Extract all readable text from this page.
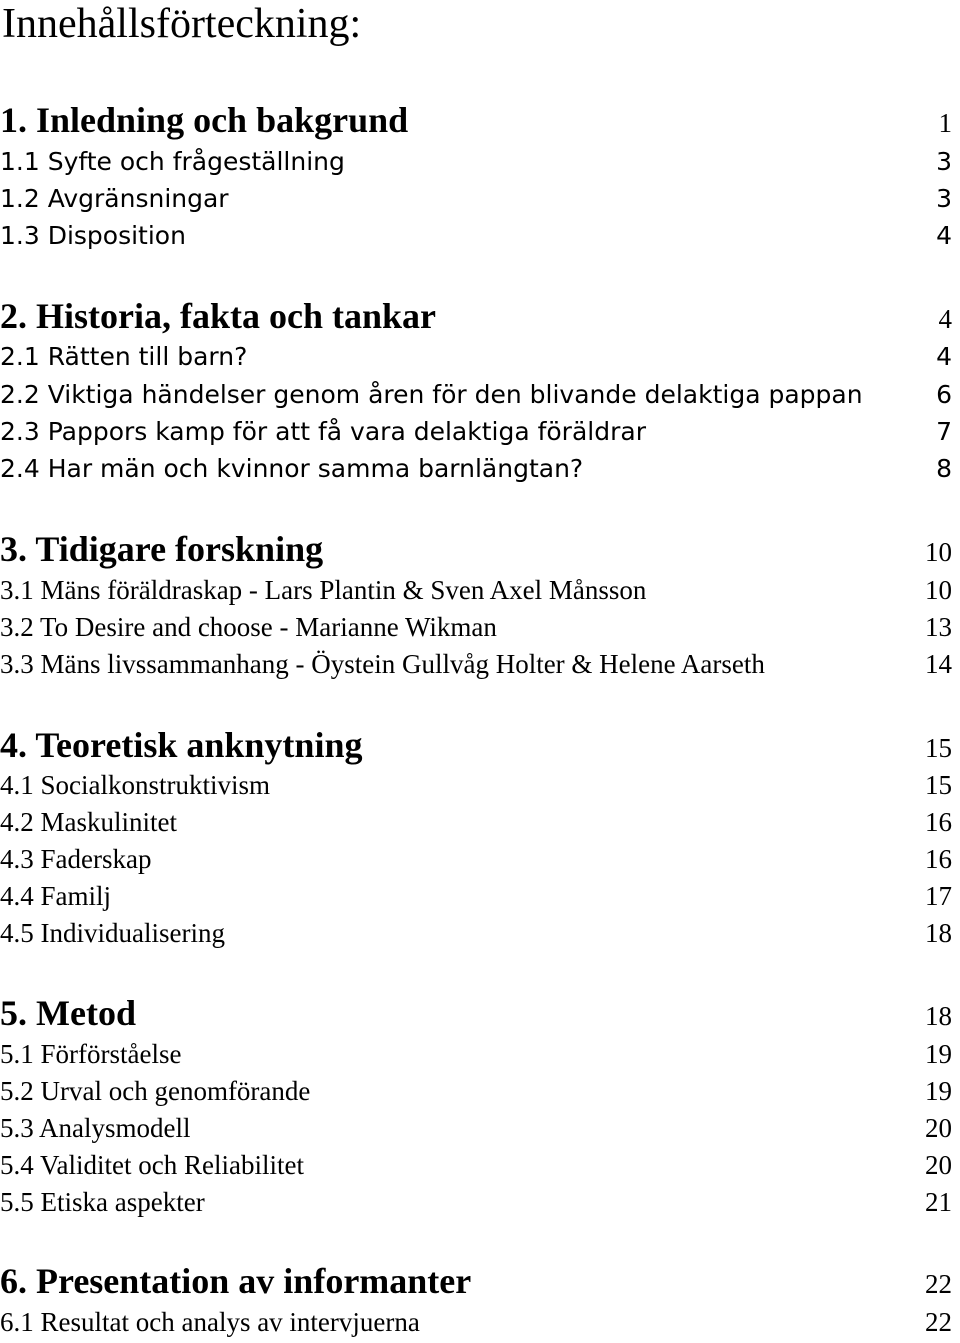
Innehållsförteckning:
1. Inledning och bakgrund	1
1.1 Syfte och frågeställning	3
1.2 Avgränsningar	3
1.3 Disposition	4
2. Historia, fakta och tankar	4
2.1 Rätten till barn?	4
2.2 Viktiga händelser genom åren för den blivande delaktiga pappan	6
2.3 Pappors kamp för att få vara delaktiga föräldrar	7
2.4 Har män och kvinnor samma barnlängtan?	8
3. Tidigare forskning	10
3.1 Mäns föräldraskap - Lars Plantin & Sven Axel Månsson	10
3.2 To Desire and choose - Marianne Wikman	13
3.3 Mäns livssammanhang - Öystein Gullvåg Holter & Helene Aarseth	14
4. Teoretisk anknytning	15
4.1 Socialkonstruktivism	15
4.2 Maskulinitet	16
4.3 Faderskap	16
4.4 Familj	17
4.5 Individualisering	18
5. Metod	18
5.1 Förförståelse	19
5.2 Urval och genomförande	19
5.3 Analysmodell	20
5.4 Validitet och Reliabilitet	20
5.5 Etiska aspekter	21
6. Presentation av informanter	22
6.1 Resultat och analys av intervjuerna	22
